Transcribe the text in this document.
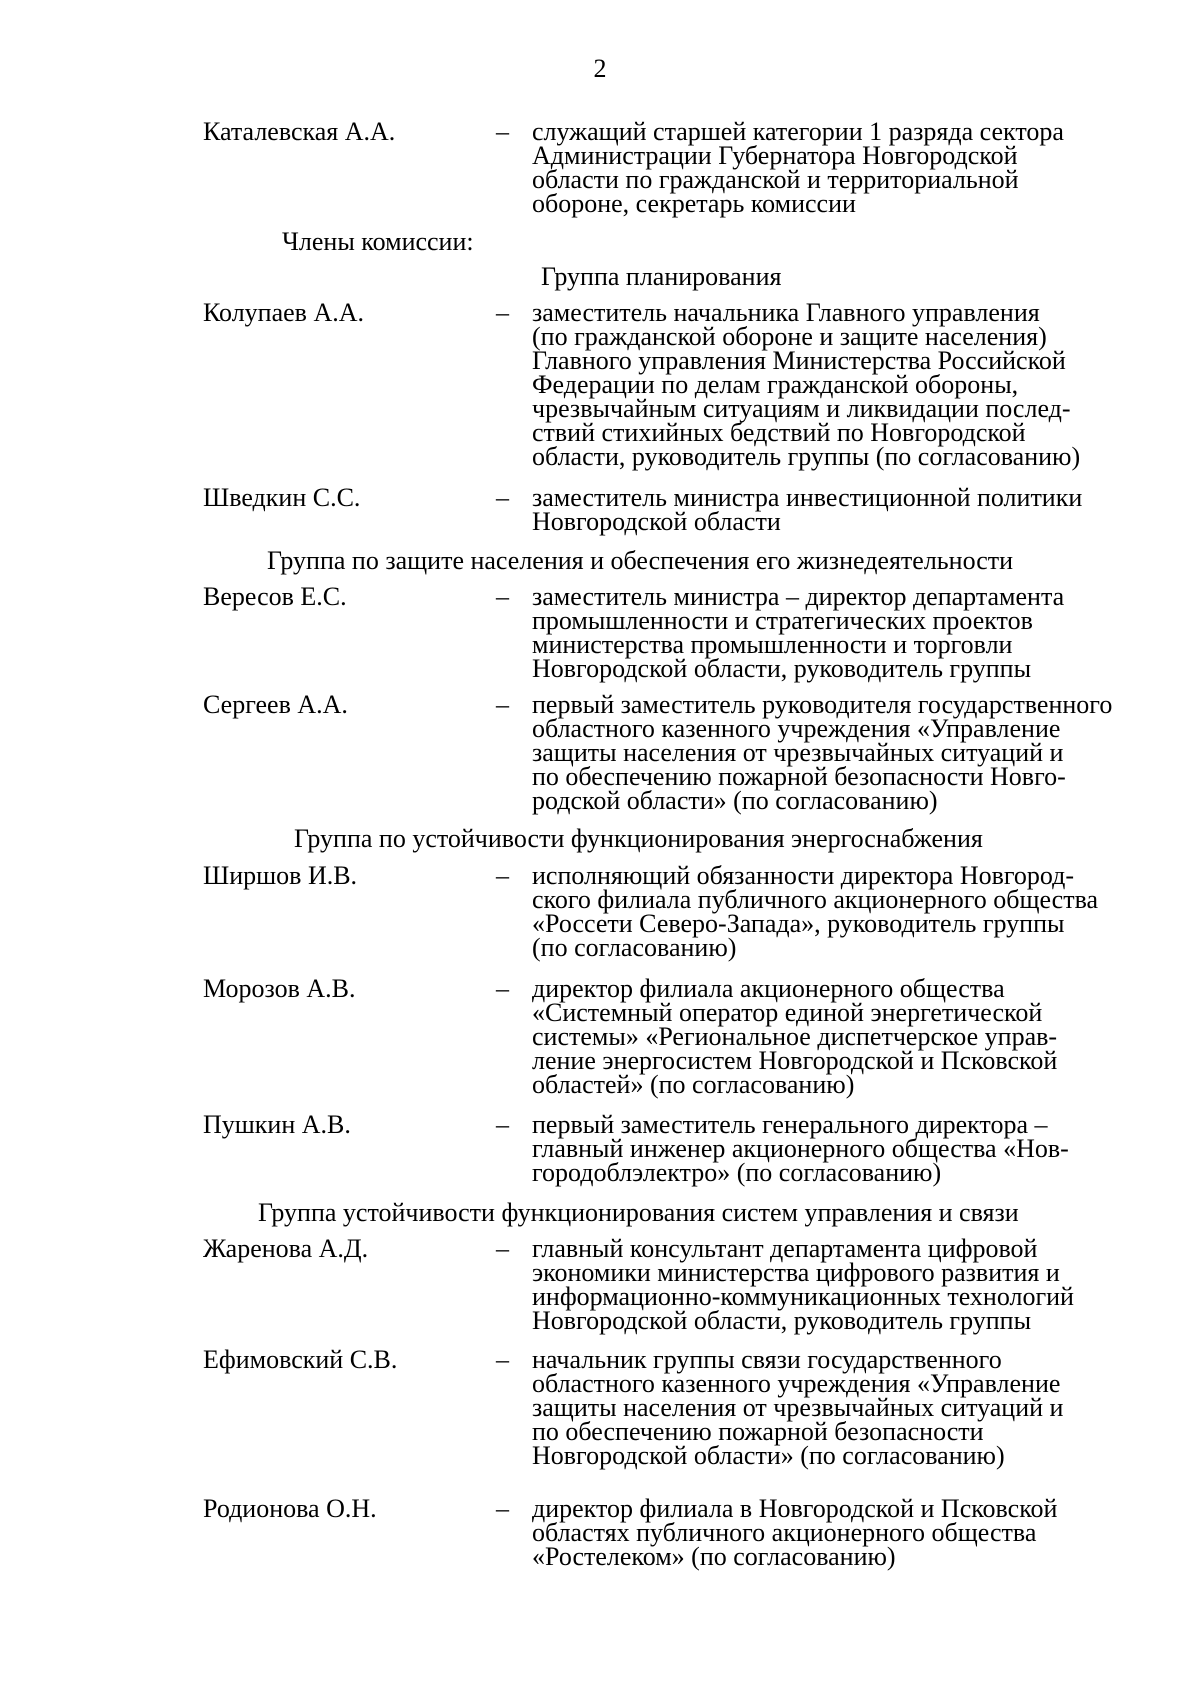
2
Каталевская А.А.	– служащий старшей категории 1 разряда сектора
Администрации Губернатора Новгородской
области по гражданской и территориальной
обороне, секретарь комиссии
Члены комиссии:
Группа планирования
Колупаев А.А.	– заместитель начальника Главного управления
(по гражданской обороне и защите населения)
Главного управления Министерства Российской
Федерации по делам гражданской обороны,
чрезвычайным ситуациям и ликвидации послед-
ствий стихийных бедствий по Новгородской
области, руководитель группы (по согласованию)
Шведкин С.С.	– заместитель министра инвестиционной политики
Новгородской области
Группа по защите населения и обеспечения его жизнедеятельности
Вересов Е.С.	– заместитель министра – директор департамента
промышленности и стратегических проектов
министерства промышленности и торговли
Новгородской области, руководитель группы
Сергеев А.А.	– первый заместитель руководителя государственного
областного казенного учреждения «Управление
защиты населения от чрезвычайных ситуаций и
по обеспечению пожарной безопасности Новго-
родской области» (по согласованию)
Группа по устойчивости функционирования энергоснабжения
Ширшов И.В.	– исполняющий обязанности директора Новгород-
ского филиала публичного акционерного общества
«Россети Северо-Запада», руководитель группы
(по согласованию)
Морозов А.В.	– директор филиала акционерного общества
«Системный оператор единой энергетической
системы» «Региональное диспетчерское управ-
ление энергосистем Новгородской и Псковской
областей» (по согласованию)
Пушкин А.В.	– первый заместитель генерального директора –
главный инженер акционерного общества «Нов-
городоблэлектро» (по согласованию)
Группа устойчивости функционирования систем управления и связи
Жаренова А.Д.	– главный консультант департамента цифровой
экономики министерства цифрового развития и
информационно-коммуникационных технологий
Новгородской области, руководитель группы
Ефимовский С.В.	– начальник группы связи государственного
областного казенного учреждения «Управление
защиты населения от чрезвычайных ситуаций и
по обеспечению пожарной безопасности
Новгородской области» (по согласованию)
Родионова О.Н.	– директор филиала в Новгородской и Псковской
областях публичного акционерного общества
«Ростелеком» (по согласованию)
